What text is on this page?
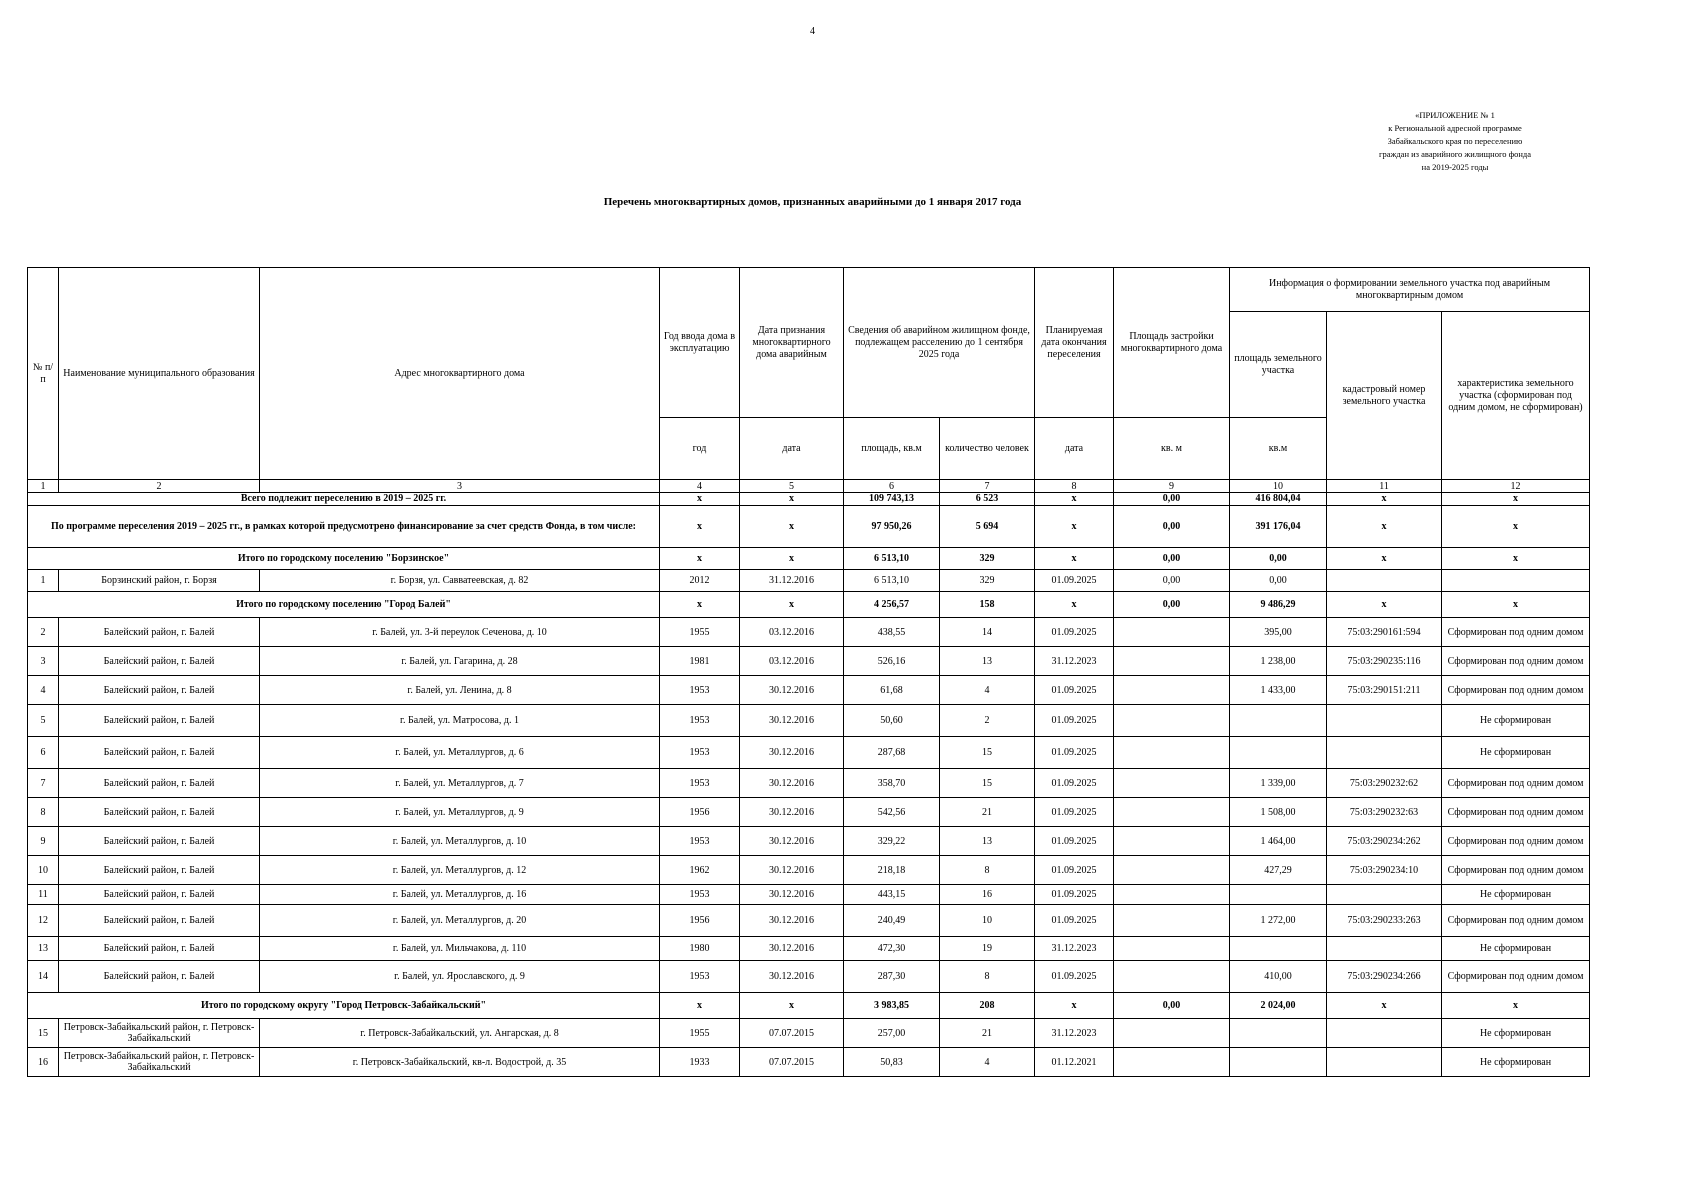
4
«ПРИЛОЖЕНИЕ № 1
к Региональной адресной программе
Забайкальского края по переселению
граждан из аварийного жилищного фонда
на 2019-2025 годы
Перечень многоквартирных домов, признанных аварийными до 1 января 2017 года
№ п/п	Наименование муниципального образования	Адрес многоквартирного дома	Год ввода дома в эксплуатацию	Дата признания многоквартирного дома аварийным	Сведения об аварийном жилищном фонде, подлежащем расселению до 1 сентября 2025 года		Планируемая дата окончания переселения	Площадь застройки многоквартирного дома	Информация о формировании земельного участка под аварийным многоквартирным домом		
									площадь земельного участка	кадастровый номер земельного участка	характеристика земельного участка (сформирован под одним домом, не сформирован)
			год	дата	площадь, кв.м	количество человек	дата	кв. м	кв.м		
1	2	3	4	5	6	7	8	9	10	11	12
Всего подлежит переселению в 2019 – 2025 гг.			x	x	109 743,13	6 523	x	0,00	416 804,04	x	x
По программе переселения 2019 – 2025 гг., в рамках которой предусмотрено финансирование за счет средств Фонда, в том числе:			x	x	97 950,26	5 694	x	0,00	391 176,04	x	x
Итого по городскому поселению "Борзинское"			x	x	6 513,10	329	x	0,00	0,00	x	x
1	Борзинский район, г. Борзя	г. Борзя, ул. Савватеевская, д. 82	2012	31.12.2016	6 513,10	329	01.09.2025	0,00	0,00		
Итого по городскому поселению "Город Балей"			x	x	4 256,57	158	x	0,00	9 486,29	x	x
2	Балейский район, г. Балей	г. Балей, ул. 3-й переулок Сеченова, д. 10	1955	03.12.2016	438,55	14	01.09.2025		395,00	75:03:290161:594	Сформирован под одним домом
3	Балейский район, г. Балей	г. Балей, ул. Гагарина, д. 28	1981	03.12.2016	526,16	13	31.12.2023		1 238,00	75:03:290235:116	Сформирован под одним домом
4	Балейский район, г. Балей	г. Балей, ул. Ленина, д. 8	1953	30.12.2016	61,68	4	01.09.2025		1 433,00	75:03:290151:211	Сформирован под одним домом
5	Балейский район, г. Балей	г. Балей, ул. Матросова, д. 1	1953	30.12.2016	50,60	2	01.09.2025				Не сформирован
6	Балейский район, г. Балей	г. Балей, ул. Металлургов, д. 6	1953	30.12.2016	287,68	15	01.09.2025				Не сформирован
7	Балейский район, г. Балей	г. Балей, ул. Металлургов, д. 7	1953	30.12.2016	358,70	15	01.09.2025		1 339,00	75:03:290232:62	Сформирован под одним домом
8	Балейский район, г. Балей	г. Балей, ул. Металлургов, д. 9	1956	30.12.2016	542,56	21	01.09.2025		1 508,00	75:03:290232:63	Сформирован под одним домом
9	Балейский район, г. Балей	г. Балей, ул. Металлургов, д. 10	1953	30.12.2016	329,22	13	01.09.2025		1 464,00	75:03:290234:262	Сформирован под одним домом
10	Балейский район, г. Балей	г. Балей, ул. Металлургов, д. 12	1962	30.12.2016	218,18	8	01.09.2025		427,29	75:03:290234:10	Сформирован под одним домом
11	Балейский район, г. Балей	г. Балей, ул. Металлургов, д. 16	1953	30.12.2016	443,15	16	01.09.2025				Не сформирован
12	Балейский район, г. Балей	г. Балей, ул. Металлургов, д. 20	1956	30.12.2016	240,49	10	01.09.2025		1 272,00	75:03:290233:263	Сформирован под одним домом
13	Балейский район, г. Балей	г. Балей, ул. Мильчакова, д. 110	1980	30.12.2016	472,30	19	31.12.2023				Не сформирован
14	Балейский район, г. Балей	г. Балей, ул. Ярославского, д. 9	1953	30.12.2016	287,30	8	01.09.2025		410,00	75:03:290234:266	Сформирован под одним домом
Итого по городскому округу "Город Петровск-Забайкальский"			x	x	3 983,85	208	x	0,00	2 024,00	x	x
15	Петровск-Забайкальский район, г. Петровск-Забайкальский	г. Петровск-Забайкальский, ул. Ангарская, д. 8	1955	07.07.2015	257,00	21	31.12.2023				Не сформирован
16	Петровск-Забайкальский район, г. Петровск-Забайкальский	г. Петровск-Забайкальский, кв-л. Водострой, д. 35	1933	07.07.2015	50,83	4	01.12.2021				Не сформирован
